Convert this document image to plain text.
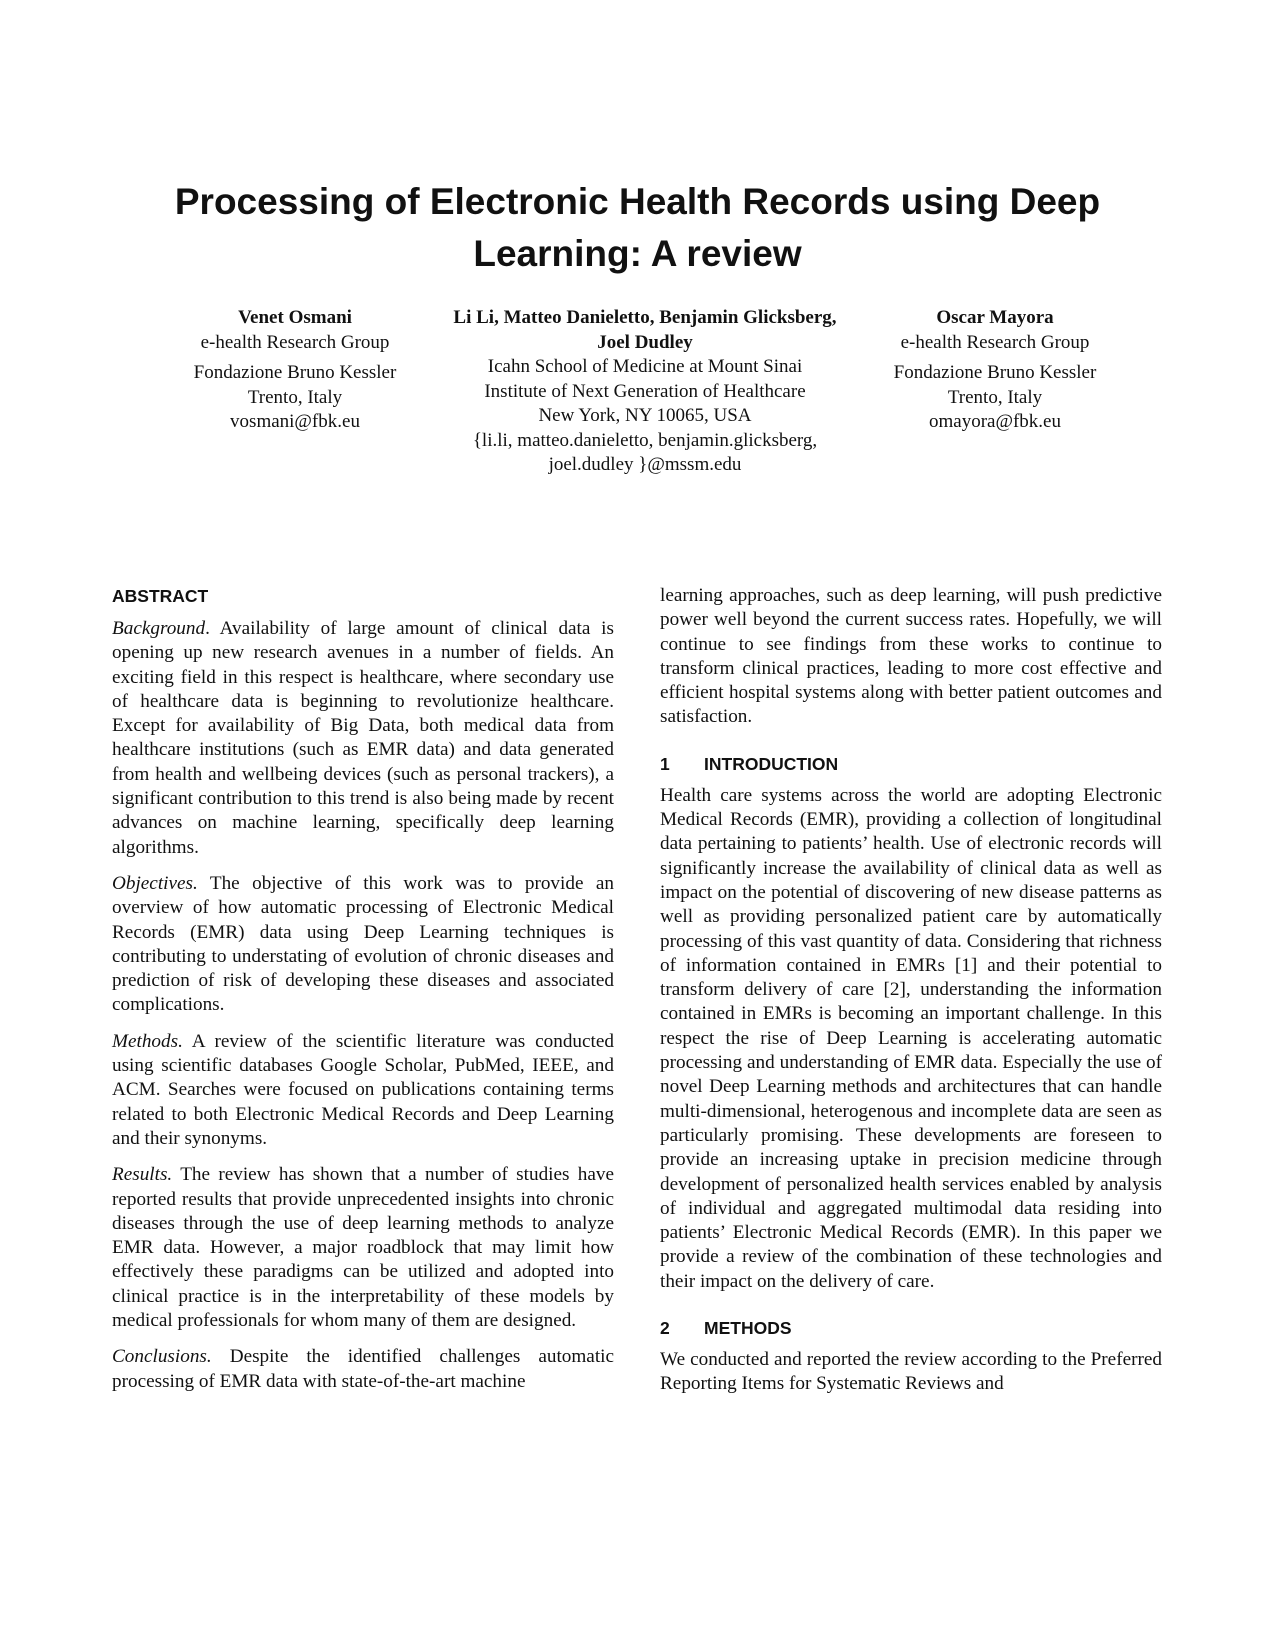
Processing of Electronic Health Records using Deep Learning: A review
Venet Osmani
e-health Research Group
Fondazione Bruno Kessler
Trento, Italy
vosmani@fbk.eu
Li Li, Matteo Danieletto, Benjamin Glicksberg, Joel Dudley
Icahn School of Medicine at Mount Sinai
Institute of Next Generation of Healthcare
New York, NY 10065, USA
{li.li, matteo.danieletto, benjamin.glicksberg, joel.dudley }@mssm.edu
Oscar Mayora
e-health Research Group
Fondazione Bruno Kessler
Trento, Italy
omayora@fbk.eu
ABSTRACT

Background. Availability of large amount of clinical data is opening up new research avenues in a number of fields. An exciting field in this respect is healthcare, where secondary use of healthcare data is beginning to revolutionize healthcare. Except for availability of Big Data, both medical data from healthcare institutions (such as EMR data) and data generated from health and wellbeing devices (such as personal trackers), a significant contribution to this trend is also being made by recent advances on machine learning, specifically deep learning algorithms.

Objectives. The objective of this work was to provide an overview of how automatic processing of Electronic Medical Records (EMR) data using Deep Learning techniques is contributing to understating of evolution of chronic diseases and prediction of risk of developing these diseases and associated complications.

Methods. A review of the scientific literature was conducted using scientific databases Google Scholar, PubMed, IEEE, and ACM. Searches were focused on publications containing terms related to both Electronic Medical Records and Deep Learning and their synonyms.

Results. The review has shown that a number of studies have reported results that provide unprecedented insights into chronic diseases through the use of deep learning methods to analyze EMR data. However, a major roadblock that may limit how effectively these paradigms can be utilized and adopted into clinical practice is in the interpretability of these models by medical professionals for whom many of them are designed.

Conclusions. Despite the identified challenges automatic processing of EMR data with state-of-the-art machine

learning approaches, such as deep learning, will push predictive power well beyond the current success rates. Hopefully, we will continue to see findings from these works to continue to transform clinical practices, leading to more cost effective and efficient hospital systems along with better patient outcomes and satisfaction.

1	INTRODUCTION

Health care systems across the world are adopting Electronic Medical Records (EMR), providing a collection of longitudinal data pertaining to patients’ health. Use of electronic records will significantly increase the availability of clinical data as well as impact on the potential of discovering of new disease patterns as well as providing personalized patient care by automatically processing of this vast quantity of data. Considering that richness of information contained in EMRs [1] and their potential to transform delivery of care [2], understanding the information contained in EMRs is becoming an important challenge. In this respect the rise of Deep Learning is accelerating automatic processing and understanding of EMR data. Especially the use of novel Deep Learning methods and architectures that can handle multi-dimensional, heterogenous and incomplete data are seen as particularly promising. These developments are foreseen to provide an increasing uptake in precision medicine through development of personalized health services enabled by analysis of individual and aggregated multimodal data residing into patients’ Electronic Medical Records (EMR). In this paper we provide a review of the combination of these technologies and their impact on the delivery of care.

2	METHODS

We conducted and reported the review according to the Preferred Reporting Items for Systematic Reviews and
